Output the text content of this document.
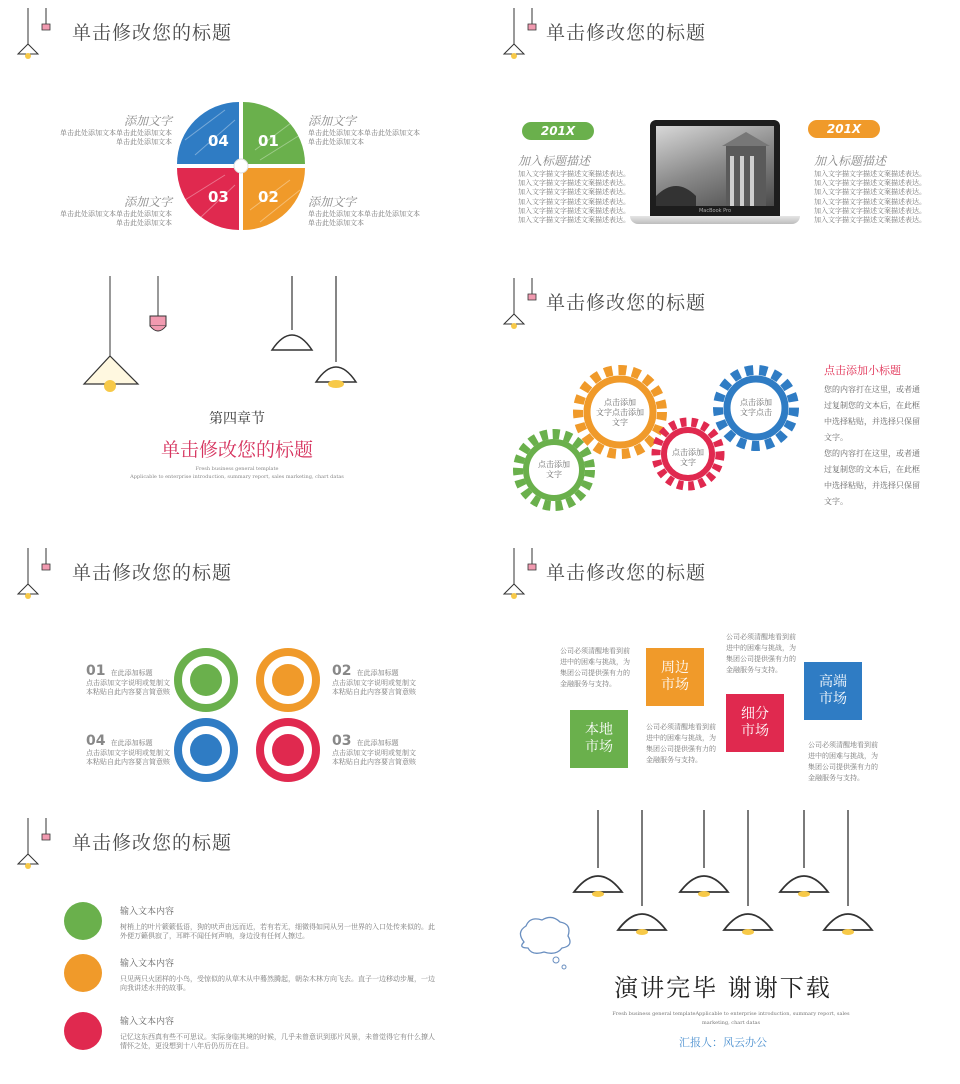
单击修改您的标题
04 01
03 02
添加文字
单击此处添加文本单击此处添加文本
单击此处添加文本
添加文字
单击此处添加文本单击此处添加文本
单击此处添加文本
添加文字
单击此处添加文本单击此处添加文本
单击此处添加文本
添加文字
单击此处添加文本单击此处添加文本
单击此处添加文本
单击修改您的标题
201X	201X
加入标题描述
加入文字描文字描述文案描述表达。加入文字描文字描述文案描述表达。加入文字描文字描述文案描述表达。
加入文字描文字描述文案描述表达。加入文字描文字描述文案描述表达。加入文字描文字描述文案描述表达。
加入标题描述
加入文字描文字描述文案描述表达。加入文字描文字描述文案描述表达。加入文字描文字描述文案描述表达。
加入文字描文字描述文案描述表达。加入文字描文字描述文案描述表达。加入文字描文字描述文案描述表达。
MacBook Pro
第四章节
单击修改您的标题
Fresh business general template
Applicable to enterprise introduction, summary report, sales marketing, chart datas
单击修改您的标题
点击添加
文字
点击添加
文字点击添加
文字
点击添加
文字
点击添加
文字点击
点击添加小标题
您的内容打在这里，或者通过复制您的文本后，在此框中选择粘贴，并选择只保留文字。
您的内容打在这里，或者通过复制您的文本后，在此框中选择粘贴，并选择只保留文字。
单击修改您的标题
01 在此添加标题
点击添加文字说明或复制文
本粘贴自此内容要言简意赅
02 在此添加标题
点击添加文字说明或复制文
本粘贴自此内容要言简意赅
04 在此添加标题
点击添加文字说明或复制文
本粘贴自此内容要言简意赅
03 在此添加标题
点击添加文字说明或复制文
本粘贴自此内容要言简意赅
单击修改您的标题
周边
市场	高端
市场
本地
市场
细分
市场
公司必须清醒地看到前进中的困难与挑战，为集团公司提供强有力的金融服务与支持。
公司必须清醒地看到前进中的困难与挑战，为集团公司提供强有力的金融服务与支持。
公司必须清醒地看到前进中的困难与挑战，为集团公司提供强有力的金融服务与支持。
公司必须清醒地看到前进中的困难与挑战，为集团公司提供强有力的金融服务与支持。
单击修改您的标题
输入文本内容
树梢上的叶片簌簌低语，狗的吠声由远而近，若有若无，细微得如同从另一世界的入口处传来似的。此外便万籁俱寂了，耳畔不闻任何声响，身边没有任何人擦过。
输入文本内容
只见两只火团样的小鸟，受惊似的从草木从中蓦然腾起，朝杂木林方向飞去。直子一边移动步履，一边向我讲述水井的故事。
输入文本内容
记忆这东西真有些不可思议。实际身临其境的时候，几乎未曾意识到那片风景，未曾觉得它有什么撩人情怀之处，更没想到十八年后仍历历在目。
演讲完毕 谢谢下载
Fresh business general templateApplicable to enterprise introduction, summary report, sales marketing, chart datas
汇报人：风云办公
